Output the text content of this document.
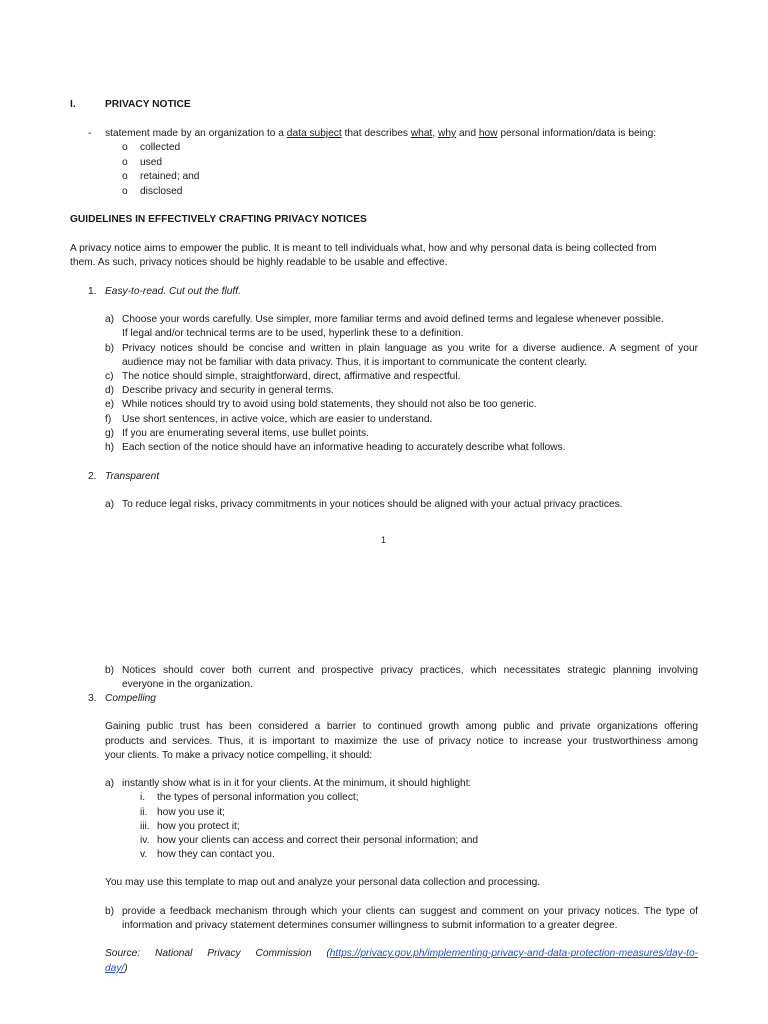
I.	PRIVACY NOTICE
- statement made by an organization to a data subject that describes what, why and how personal information/data is being:
o collected
o used
o retained; and
o disclosed
GUIDELINES IN EFFECTIVELY CRAFTING PRIVACY NOTICES
A privacy notice aims to empower the public. It is meant to tell individuals what, how and why personal data is being collected from
them. As such, privacy notices should be highly readable to be usable and effective.
1. Easy-to-read. Cut out the fluff.
a) Choose your words carefully. Use simpler, more familiar terms and avoid defined terms and legalese whenever possible.
If legal and/or technical terms are to be used, hyperlink these to a definition.
b) Privacy notices should be concise and written in plain language as you write for a diverse audience. A segment of your
audience may not be familiar with data privacy. Thus, it is important to communicate the content clearly.
c) The notice should simple, straightforward, direct, affirmative and respectful.
d) Describe privacy and security in general terms.
e) While notices should try to avoid using bold statements, they should not also be too generic.
f) Use short sentences, in active voice, which are easier to understand.
g) If you are enumerating several items, use bullet points.
h) Each section of the notice should have an informative heading to accurately describe what follows.
2. Transparent
a) To reduce legal risks, privacy commitments in your notices should be aligned with your actual privacy practices.
1
b) Notices should cover both current and prospective privacy practices, which necessitates strategic planning involving
everyone in the organization.
3. Compelling
Gaining public trust has been considered a barrier to continued growth among public and private organizations offering
products and services. Thus, it is important to maximize the use of privacy notice to increase your trustworthiness among
your clients. To make a privacy notice compelling, it should:
a) instantly show what is in it for your clients. At the minimum, it should highlight:
i. the types of personal information you collect;
ii. how you use it;
iii. how you protect it;
iv. how your clients can access and correct their personal information; and
v. how they can contact you.
You may use this template to map out and analyze your personal data collection and processing.
b) provide a feedback mechanism through which your clients can suggest and comment on your privacy notices. The type of
information and privacy statement determines consumer willingness to submit information to a greater degree.
Source: National Privacy Commission (https://privacy.gov.ph/implementing-privacy-and-data-protection-measures/day-to-
day/)
